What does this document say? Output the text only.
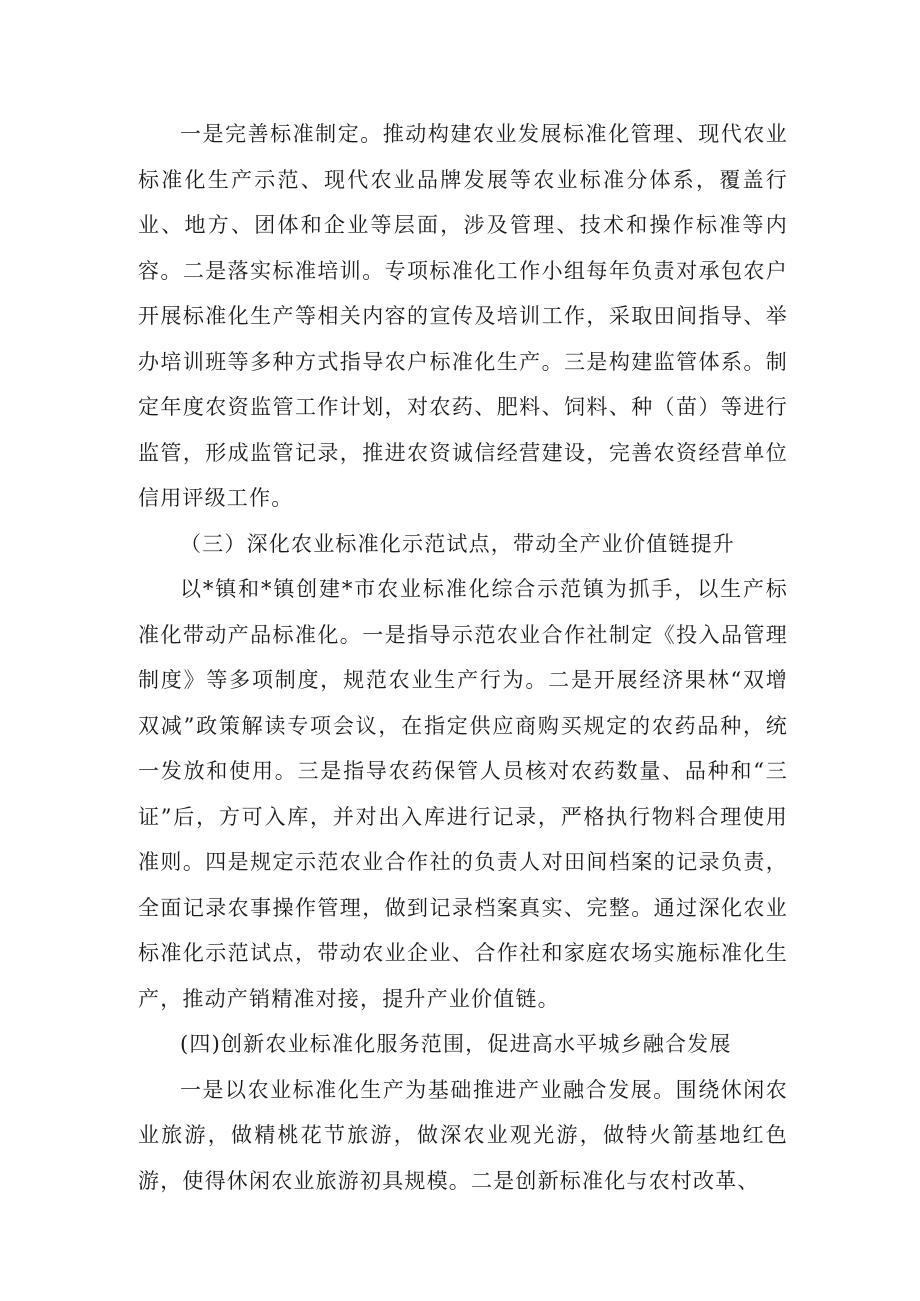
一是完善标准制定。推动构建农业发展标准化管理、现代农业标准化生产示范、现代农业品牌发展等农业标准分体系，覆盖行业、地方、团体和企业等层面，涉及管理、技术和操作标准等内容。二是落实标准培训。专项标准化工作小组每年负责对承包农户开展标准化生产等相关内容的宣传及培训工作，采取田间指导、举办培训班等多种方式指导农户标准化生产。三是构建监管体系。制定年度农资监管工作计划，对农药、肥料、饲料、种（苗）等进行监管，形成监管记录，推进农资诚信经营建设，完善农资经营单位信用评级工作。

（三）深化农业标准化示范试点，带动全产业价值链提升

以*镇和*镇创建*市农业标准化综合示范镇为抓手，以生产标准化带动产品标准化。一是指导示范农业合作社制定《投入品管理制度》等多项制度，规范农业生产行为。二是开展经济果林“双增双减”政策解读专项会议，在指定供应商购买规定的农药品种，统一发放和使用。三是指导农药保管人员核对农药数量、品种和“三证”后，方可入库，并对出入库进行记录，严格执行物料合理使用准则。四是规定示范农业合作社的负责人对田间档案的记录负责，全面记录农事操作管理，做到记录档案真实、完整。通过深化农业标准化示范试点，带动农业企业、合作社和家庭农场实施标准化生产，推动产销精准对接，提升产业价值链。

(四)创新农业标准化服务范围，促进高水平城乡融合发展

一是以农业标准化生产为基础推进产业融合发展。围绕休闲农业旅游，做精桃花节旅游，做深农业观光游，做特火箭基地红色游，使得休闲农业旅游初具规模。二是创新标准化与农村改革、
